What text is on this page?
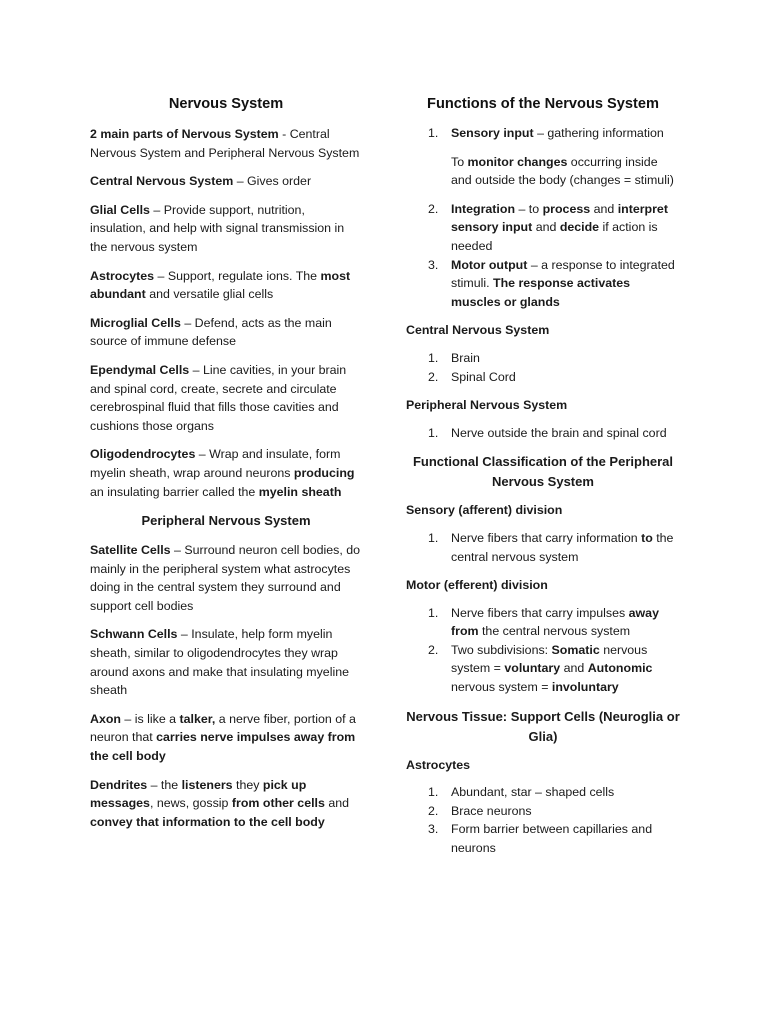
Nervous System

2 main parts of Nervous System - Central Nervous System and Peripheral Nervous System

Central Nervous System – Gives order

Glial Cells – Provide support, nutrition, insulation, and help with signal transmission in the nervous system

Astrocytes – Support, regulate ions. The most abundant and versatile glial cells

Microglial Cells – Defend, acts as the main source of immune defense

Ependymal Cells – Line cavities, in your brain and spinal cord, create, secrete and circulate cerebrospinal fluid that fills those cavities and cushions those organs

Oligodendrocytes – Wrap and insulate, form myelin sheath, wrap around neurons producing an insulating barrier called the myelin sheath

Peripheral Nervous System

Satellite Cells – Surround neuron cell bodies, do mainly in the peripheral system what astrocytes doing in the central system they surround and support cell bodies

Schwann Cells – Insulate, help form myelin sheath, similar to oligodendrocytes they wrap around axons and make that insulating myeline sheath

Axon – is like a talker, a nerve fiber, portion of a neuron that carries nerve impulses away from the cell body

Dendrites – the listeners they pick up messages, news, gossip from other cells and convey that information to the cell body

Functions of the Nervous System
1. Sensory input – gathering information

To monitor changes occurring inside and outside the body (changes = stimuli)

2. Integration – to process and interpret sensory input and decide if action is needed
3. Motor output – a response to integrated stimuli. The response activates muscles or glands
Central Nervous System
1. Brain
2. Spinal Cord
Peripheral Nervous System
1. Nerve outside the brain and spinal cord
Functional Classification of the Peripheral Nervous System
Sensory (afferent) division
1. Nerve fibers that carry information to the central nervous system
Motor (efferent) division
1. Nerve fibers that carry impulses away from the central nervous system
2. Two subdivisions: Somatic nervous system = voluntary and Autonomic nervous system = involuntary
Nervous Tissue: Support Cells (Neuroglia or Glia)
Astrocytes
1. Abundant, star – shaped cells
2. Brace neurons
3. Form barrier between capillaries and neurons
